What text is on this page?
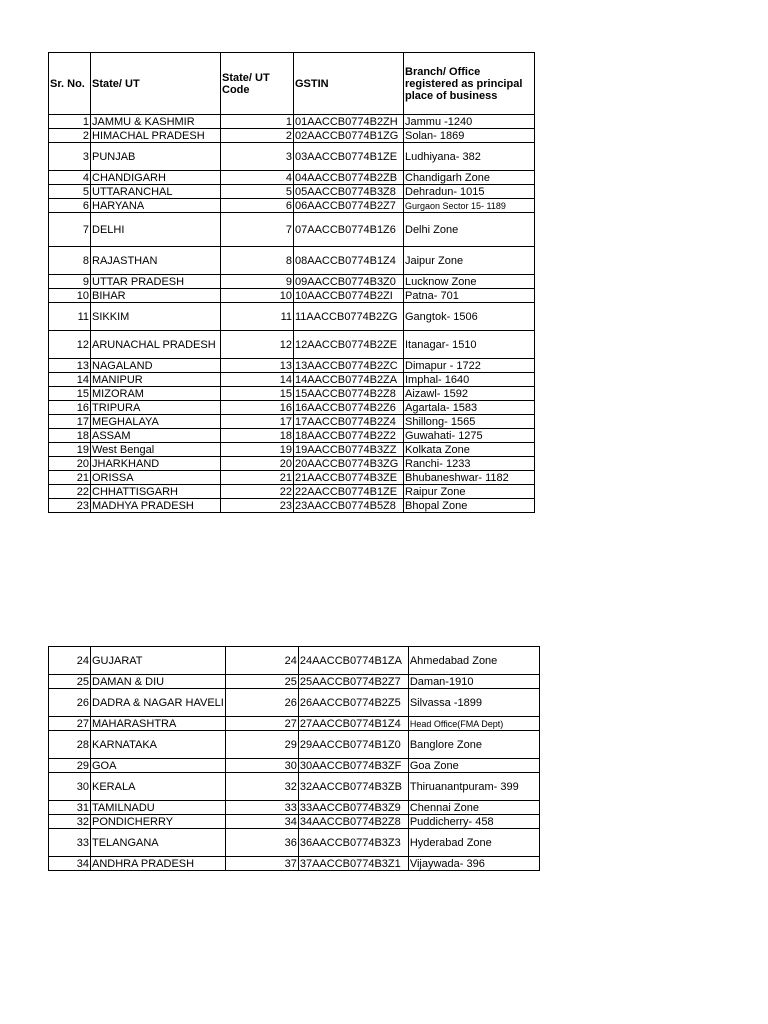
Sr. No.	State/ UT	State/ UT Code	GSTIN	Branch/ Office registered as principal place of business
1	JAMMU & KASHMIR	1	01AACCB0774B2ZH	Jammu -1240
2	HIMACHAL PRADESH	2	02AACCB0774B1ZG	Solan- 1869
3	PUNJAB	3	03AACCB0774B1ZE	Ludhiyana- 382
4	CHANDIGARH	4	04AACCB0774B2ZB	Chandigarh Zone
5	UTTARANCHAL	5	05AACCB0774B3Z8	Dehradun- 1015
6	HARYANA	6	06AACCB0774B2Z7	Gurgaon Sector 15- 1189
7	DELHI	7	07AACCB0774B1Z6	Delhi Zone
8	RAJASTHAN	8	08AACCB0774B1Z4	Jaipur Zone
9	UTTAR PRADESH	9	09AACCB0774B3Z0	Lucknow Zone
10	BIHAR	10	10AACCB0774B2ZI	Patna- 701
11	SIKKIM	11	11AACCB0774B2ZG	Gangtok- 1506
12	ARUNACHAL PRADESH	12	12AACCB0774B2ZE	Itanagar- 1510
13	NAGALAND	13	13AACCB0774B2ZC	Dimapur - 1722
14	MANIPUR	14	14AACCB0774B2ZA	Imphal- 1640
15	MIZORAM	15	15AACCB0774B2Z8	Aizawl- 1592
16	TRIPURA	16	16AACCB0774B2Z6	Agartala- 1583
17	MEGHALAYA	17	17AACCB0774B2Z4	Shillong- 1565
18	ASSAM	18	18AACCB0774B2Z2	Guwahati- 1275
19	West Bengal	19	19AACCB0774B3ZZ	Kolkata Zone
20	JHARKHAND	20	20AACCB0774B3ZG	Ranchi- 1233
21	ORISSA	21	21AACCB0774B3ZE	Bhubaneshwar- 1182
22	CHHATTISGARH	22	22AACCB0774B1ZE	Raipur Zone
23	MADHYA PRADESH	23	23AACCB0774B5Z8	Bhopal Zone
24	GUJARAT	24	24AACCB0774B1ZA	Ahmedabad Zone
25	DAMAN & DIU	25	25AACCB0774B2Z7	Daman-1910
26	DADRA & NAGAR HAVELI	26	26AACCB0774B2Z5	Silvassa -1899
27	MAHARASHTRA	27	27AACCB0774B1Z4	Head Office(FMA Dept)
28	KARNATAKA	29	29AACCB0774B1Z0	Banglore Zone
29	GOA	30	30AACCB0774B3ZF	Goa Zone
30	KERALA	32	32AACCB0774B3ZB	Thiruanantpuram- 399
31	TAMILNADU	33	33AACCB0774B3Z9	Chennai Zone
32	PONDICHERRY	34	34AACCB0774B2Z8	Puddicherry- 458
33	TELANGANA	36	36AACCB0774B3Z3	Hyderabad Zone
34	ANDHRA PRADESH	37	37AACCB0774B3Z1	Vijaywada- 396
